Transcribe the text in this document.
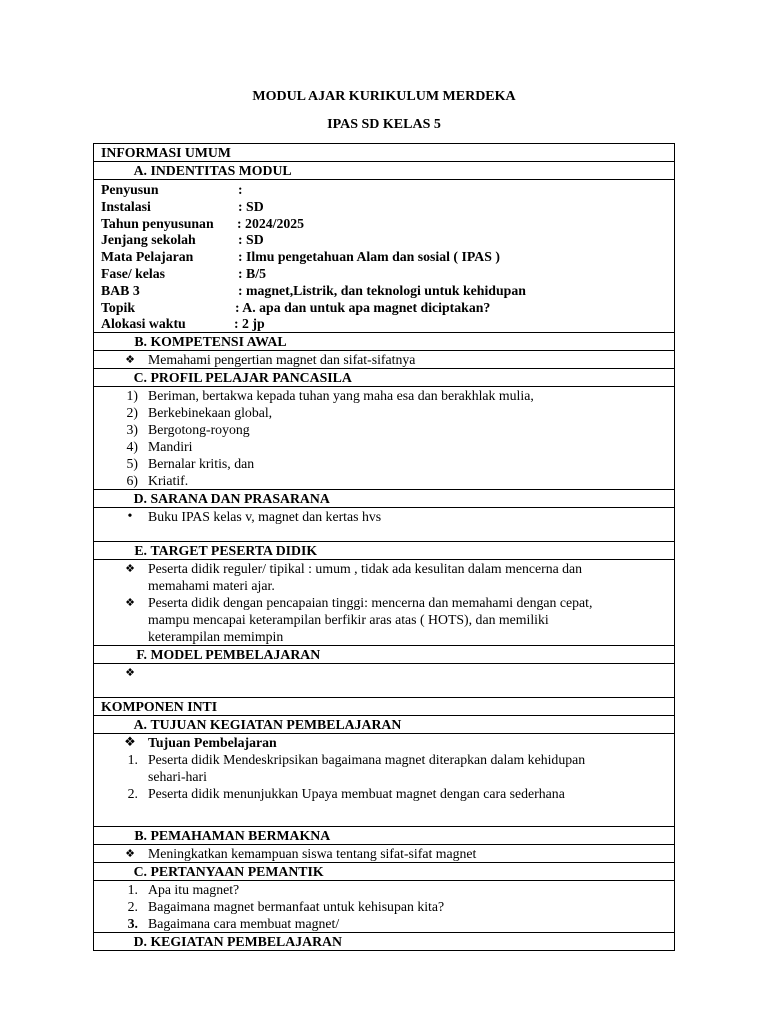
MODUL AJAR KURIKULUM MERDEKA
IPAS SD KELAS 5
INFORMASI UMUM
A. INDENTITAS MODUL
Penyusun	:
Instalasi	: SD
Tahun penyusunan : 2024/2025
Jenjang sekolah	: SD
Mata Pelajaran	: Ilmu pengetahuan Alam dan sosial ( IPAS )
Fase/ kelas	: B/5
BAB 3	: magnet,Listrik, dan teknologi untuk kehidupan
Topik	: A. apa dan untuk apa magnet diciptakan?
Alokasi waktu	: 2 jp
B. KOMPETENSI AWAL
❖ Memahami pengertian magnet dan sifat-sifatnya
C. PROFIL PELAJAR PANCASILA
1) Beriman, bertakwa kepada tuhan yang maha esa dan berakhlak mulia,
2) Berkebinekaan global,
3) Bergotong-royong
4) Mandiri
5) Bernalar kritis, dan
6) Kriatif.
D. SARANA DAN PRASARANA
•	Buku IPAS kelas v, magnet dan kertas hvs
E. TARGET PESERTA DIDIK
❖ Peserta didik reguler/ tipikal : umum , tidak ada kesulitan dalam mencerna dan
memahami materi ajar.
❖ Peserta didik dengan pencapaian tinggi: mencerna dan memahami dengan cepat,
mampu mencapai keterampilan berfikir aras atas ( HOTS), dan memiliki
keterampilan memimpin
F. MODEL PEMBELAJARAN
❖

KOMPONEN INTI
A. TUJUAN KEGIATAN PEMBELAJARAN
❖ Tujuan Pembelajaran
1. Peserta didik Mendeskripsikan bagaimana magnet diterapkan dalam kehidupan
sehari-hari
2. Peserta didik menunjukkan Upaya membuat magnet dengan cara sederhana
B. PEMAHAMAN BERMAKNA
❖ Meningkatkan kemampuan siswa tentang sifat-sifat magnet
C. PERTANYAAN PEMANTIK
1. Apa itu magnet?
2. Bagaimana magnet bermanfaat untuk kehisupan kita?
3. Bagaimana cara membuat magnet/
D. KEGIATAN PEMBELAJARAN
